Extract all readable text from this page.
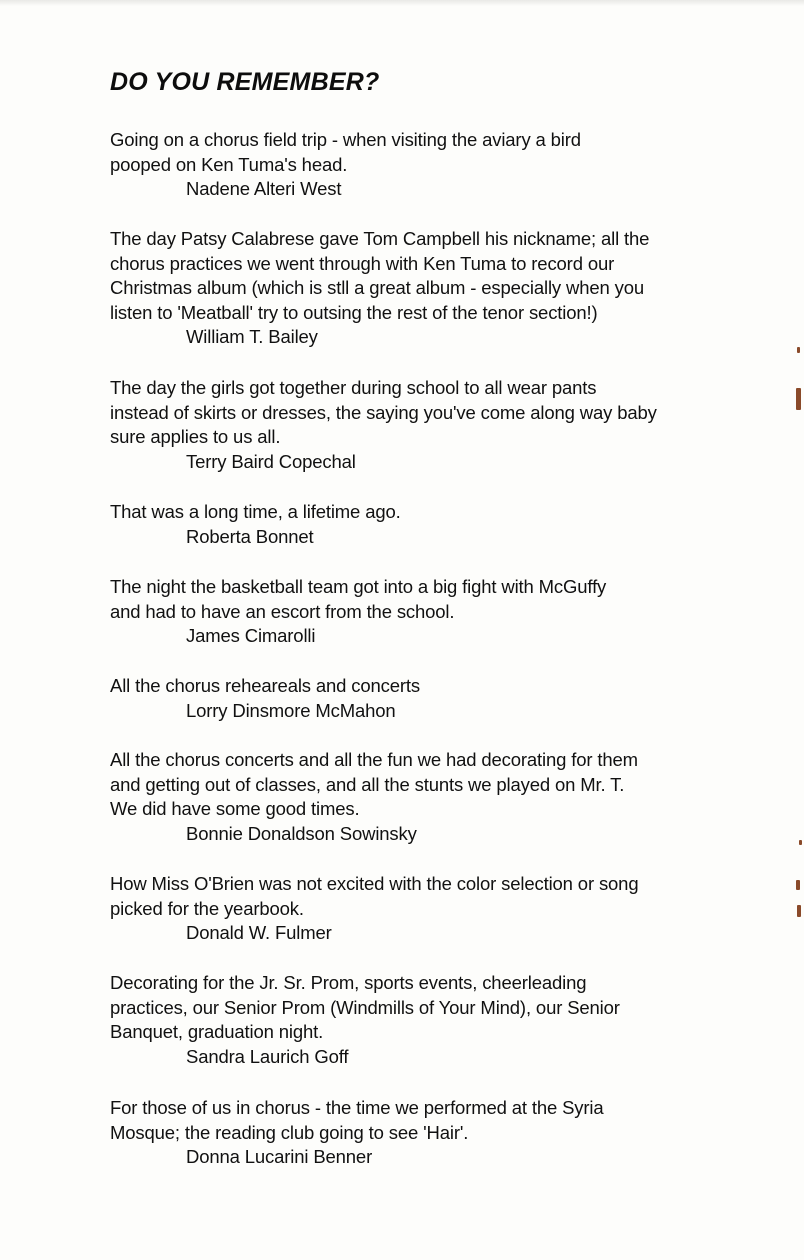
DO YOU REMEMBER?

Going on a chorus field trip - when visiting the aviary a bird
pooped on Ken Tuma's head.

Nadene Alteri West

The day Patsy Calabrese gave Tom Campbell his nickname; all the
chorus practices we went through with Ken Tuma to record our
Christmas album (which is stll a great album - especially when you
listen to 'Meatball' try to outsing the rest of the tenor section!)

William T. Bailey

The day the girls got together during school to all wear pants
instead of skirts or dresses, the saying you've come along way baby
sure applies to us all.

Terry Baird Copechal

That was a long time, a lifetime ago.

Roberta Bonnet

The night the basketball team got into a big fight with McGuffy
and had to have an escort from the school.

James Cimarolli

All the chorus reheareals and concerts

Lorry Dinsmore McMahon

All the chorus concerts and all the fun we had decorating for them
and getting out of classes, and all the stunts we played on Mr. T.
We did have some good times.

Bonnie Donaldson Sowinsky

How Miss O'Brien was not excited with the color selection or song
picked for the yearbook.

Donald W. Fulmer

Decorating for the Jr. Sr. Prom, sports events, cheerleading
practices, our Senior Prom (Windmills of Your Mind), our Senior
Banquet, graduation night.

Sandra Laurich Goff

For those of us in chorus - the time we performed at the Syria
Mosque; the reading club going to see 'Hair'.

Donna Lucarini Benner
